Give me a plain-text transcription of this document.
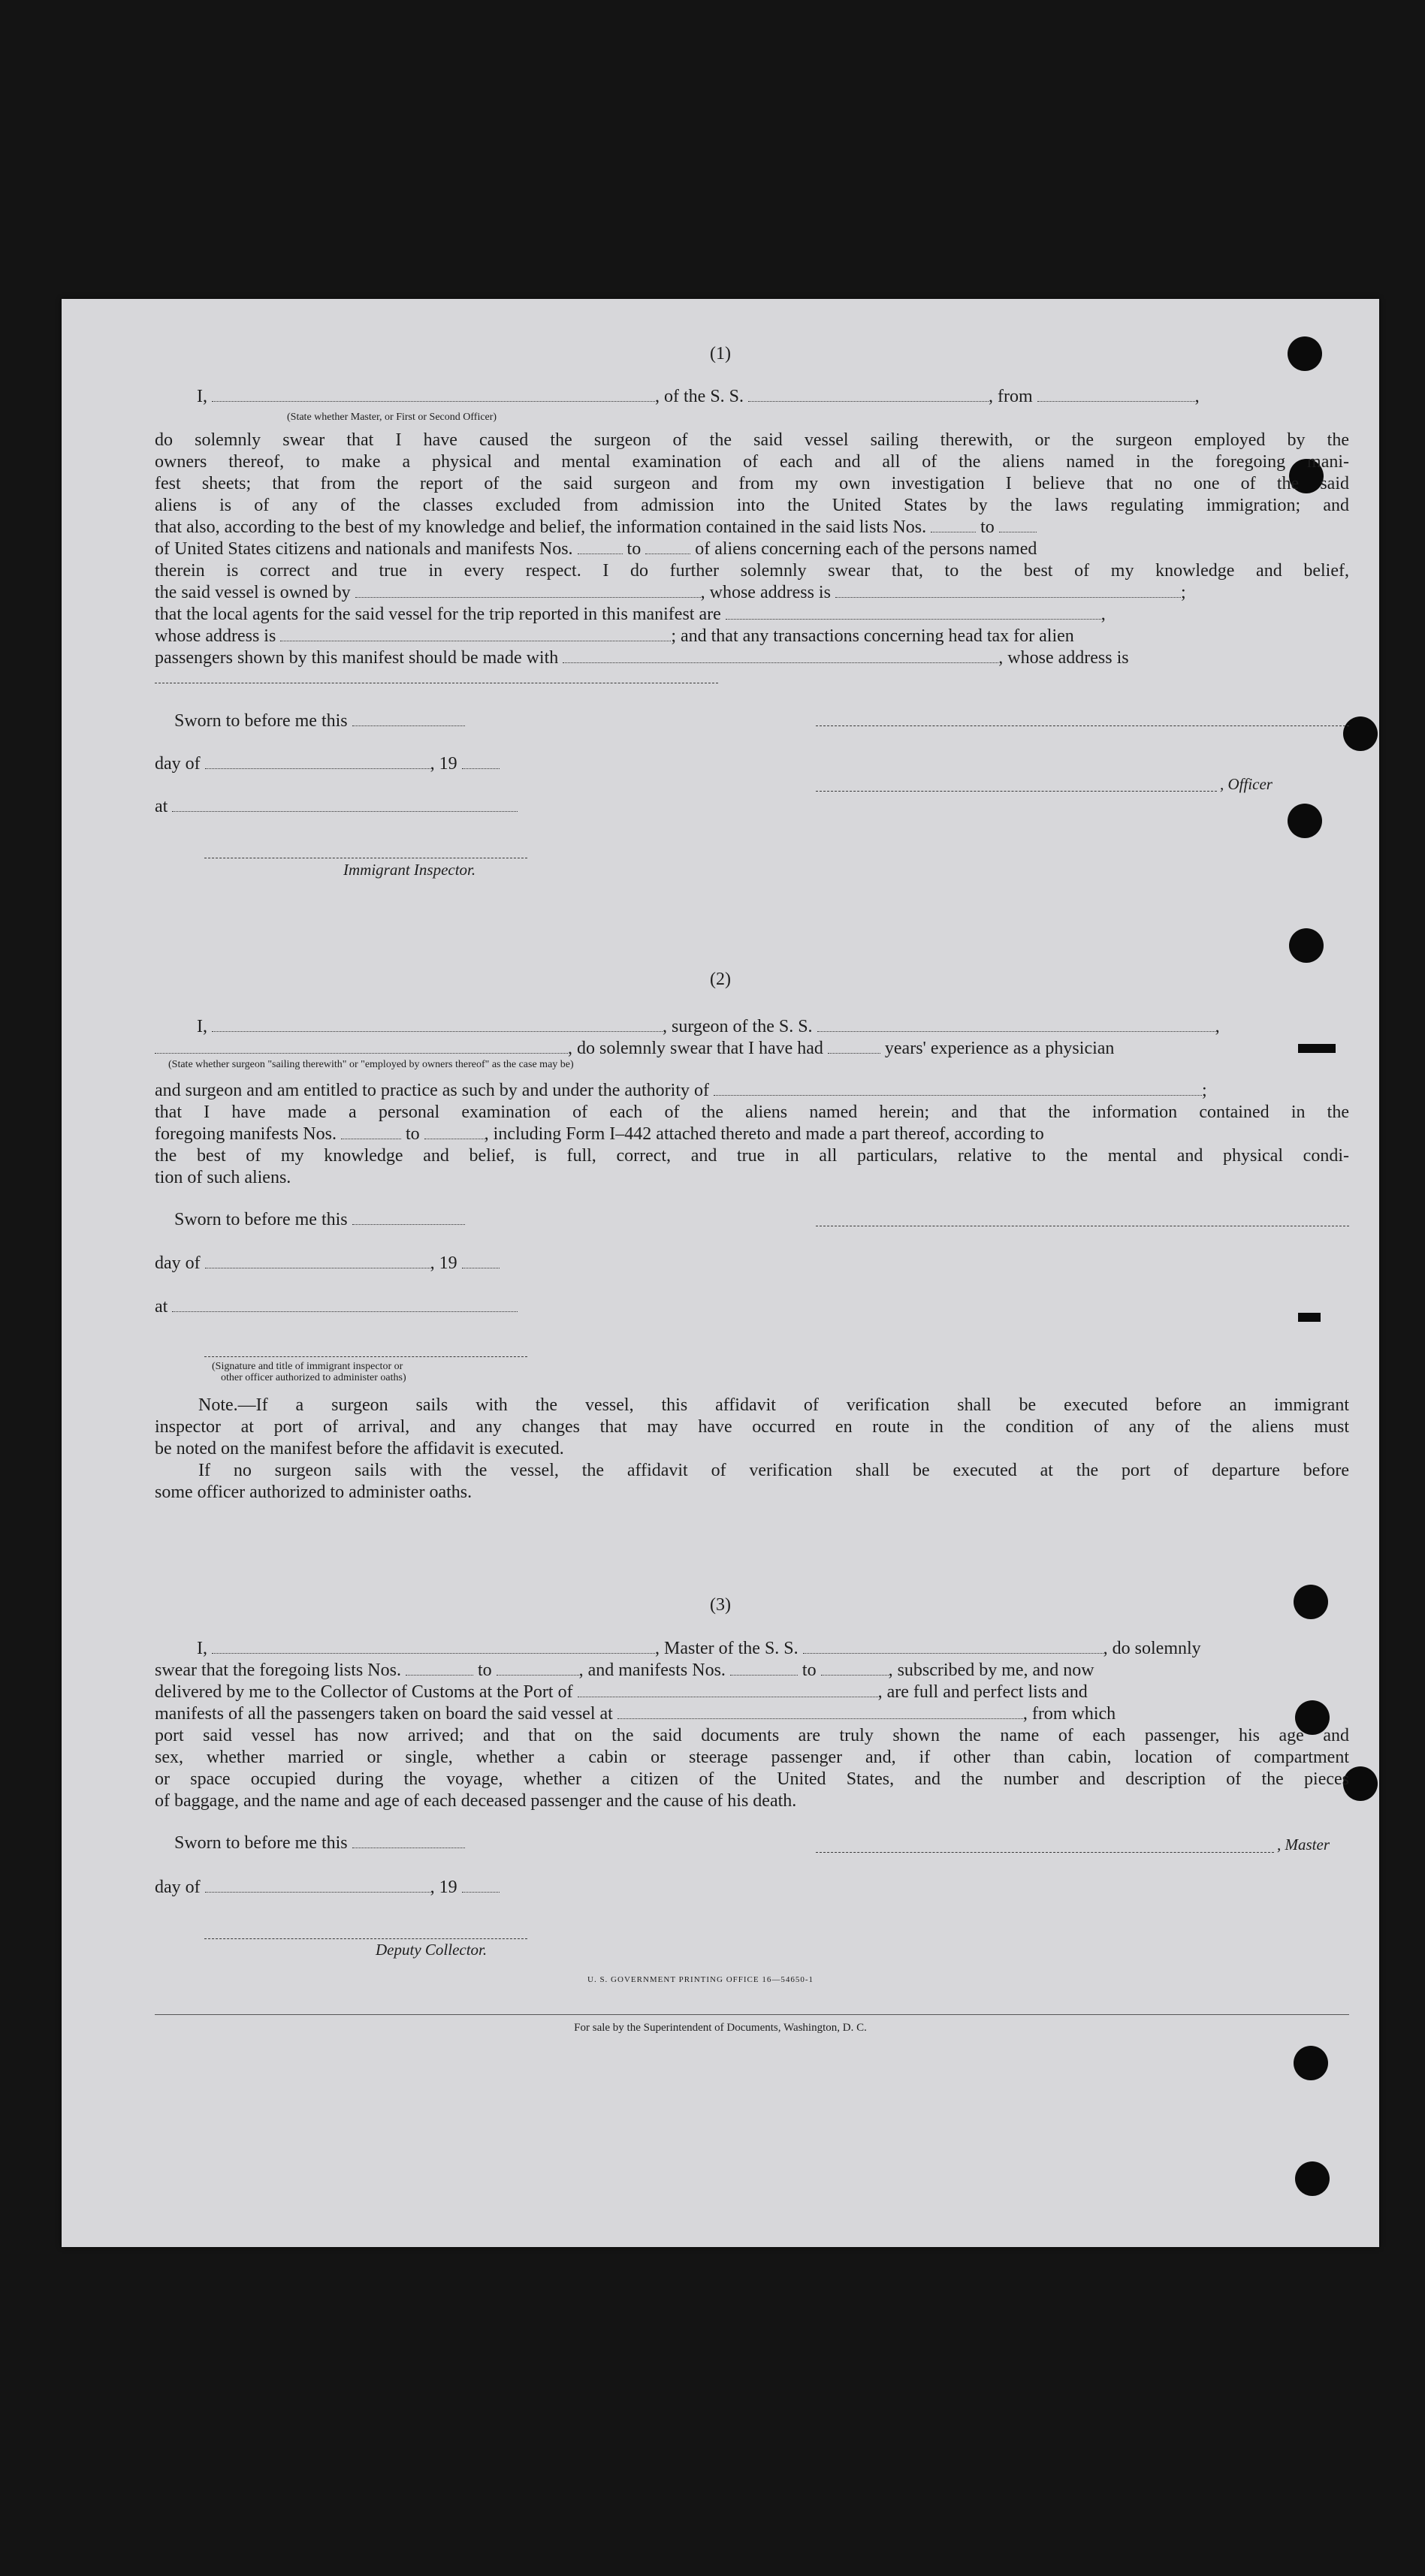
(1)
I,	, of the S. S.	, from	,
(State whether Master, or First or Second Officer)
do solemnly swear that I have caused the surgeon of the said vessel sailing therewith, or the surgeon employed by the
owners thereof, to make a physical and mental examination of each and all of the aliens named in the foregoing mani-
fest sheets; that from the report of the said surgeon and from my own investigation I believe that no one of the said
aliens is of any of the classes excluded from admission into the United States by the laws regulating immigration; and
that also, according to the best of my knowledge and belief, the information contained in the said lists Nos.	to
of United States citizens and nationals and manifests Nos.	to	of aliens concerning each of the persons named
therein is correct and true in every respect. I do further solemnly swear that, to the best of my knowledge and belief,
the said vessel is owned by	, whose address is	;
that the local agents for the said vessel for the trip reported in this manifest are	,
whose address is	; and that any transactions concerning head tax for alien
passengers shown by this manifest should be made with	, whose address is
Sworn to before me this
day of	, 19
, Officer
at
Immigrant Inspector.
(2)
I,	, surgeon of the S. S.	,
, do solemnly swear that I have had	years' experience as a physician
(State whether surgeon "sailing therewith" or "employed by owners thereof" as the case may be)
and surgeon and am entitled to practice as such by and under the authority of	;
that I have made a personal examination of each of the aliens named herein; and that the information contained in the
foregoing manifests Nos.	to	, including Form I–442 attached thereto and made a part thereof, according to
the best of my knowledge and belief, is full, correct, and true in all particulars, relative to the mental and physical condi-
tion of such aliens.
Sworn to before me this
day of	, 19
at
(Signature and title of immigrant inspector or
other officer authorized to administer oaths)
Note.—If a surgeon sails with the vessel, this affidavit of verification shall be executed before an immigrant
inspector at port of arrival, and any changes that may have occurred en route in the condition of any of the aliens must
be noted on the manifest before the affidavit is executed.
If no surgeon sails with the vessel, the affidavit of verification shall be executed at the port of departure before
some officer authorized to administer oaths.
(3)
I,	, Master of the S. S.	, do solemnly
swear that the foregoing lists Nos.	to	, and manifests Nos.	to	, subscribed by me, and now
delivered by me to the Collector of Customs at the Port of	, are full and perfect lists and
manifests of all the passengers taken on board the said vessel at	, from which
port said vessel has now arrived; and that on the said documents are truly shown the name of each passenger, his age and
sex, whether married or single, whether a cabin or steerage passenger and, if other than cabin, location of compartment
or space occupied during the voyage, whether a citizen of the United States, and the number and description of the pieces
of baggage, and the name and age of each deceased passenger and the cause of his death.
Sworn to before me this	, Master
day of	, 19
Deputy Collector.
U. S. GOVERNMENT PRINTING OFFICE 16—54650-1
For sale by the Superintendent of Documents, Washington, D. C.
